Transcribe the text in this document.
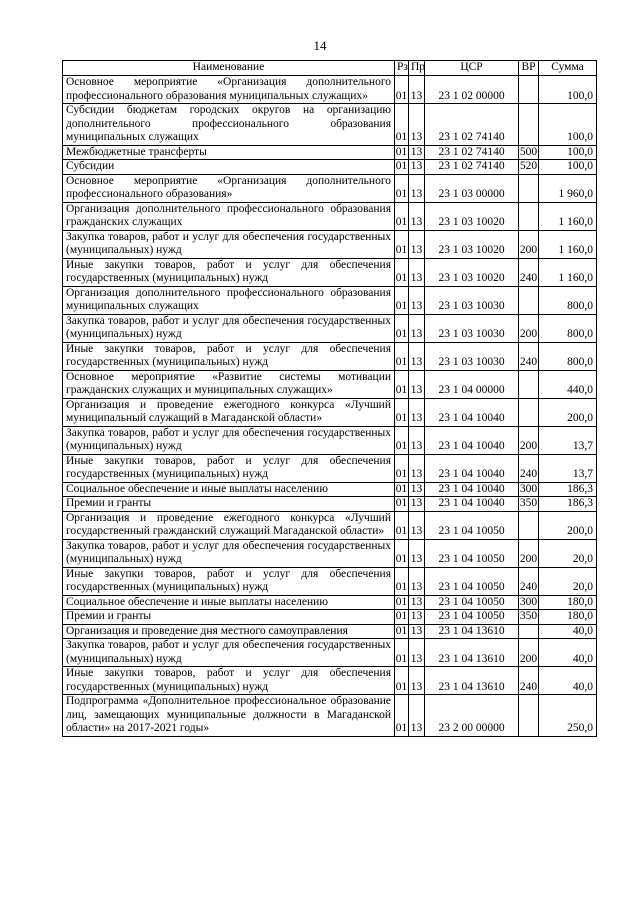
14
Наименование	Рз	Пр	ЦСР	ВР	Сумма
Основное мероприятие «Организация дополнительного профессионального образования муниципальных служащих»	01	13	23 1 02 00000		100,0
Субсидии бюджетам городских округов на организацию дополнительного профессионального образования муниципальных служащих	01	13	23 1 02 74140		100,0
Межбюджетные трансферты	01	13	23 1 02 74140	500	100,0
Субсидии	01	13	23 1 02 74140	520	100,0
Основное мероприятие «Организация дополнительного профессионального образования»	01	13	23 1 03 00000		1 960,0
Организация дополнительного профессионального образования гражданских служащих	01	13	23 1 03 10020		1 160,0
Закупка товаров, работ и услуг для обеспечения государственных (муниципальных) нужд	01	13	23 1 03 10020	200	1 160,0
Иные закупки товаров, работ и услуг для обеспечения государственных (муниципальных) нужд	01	13	23 1 03 10020	240	1 160,0
Организация дополнительного профессионального образования муниципальных служащих	01	13	23 1 03 10030		800,0
Закупка товаров, работ и услуг для обеспечения государственных (муниципальных) нужд	01	13	23 1 03 10030	200	800,0
Иные закупки товаров, работ и услуг для обеспечения государственных (муниципальных) нужд	01	13	23 1 03 10030	240	800,0
Основное мероприятие «Развитие системы мотивации гражданских служащих и муниципальных служащих»	01	13	23 1 04 00000		440,0
Организация и проведение ежегодного конкурса «Лучший муниципальный служащий в Магаданской области»	01	13	23 1 04 10040		200,0
Закупка товаров, работ и услуг для обеспечения государственных (муниципальных) нужд	01	13	23 1 04 10040	200	13,7
Иные закупки товаров, работ и услуг для обеспечения государственных (муниципальных) нужд	01	13	23 1 04 10040	240	13,7
Социальное обеспечение и иные выплаты населению	01	13	23 1 04 10040	300	186,3
Премии и гранты	01	13	23 1 04 10040	350	186,3
Организация и проведение ежегодного конкурса «Лучший государственный гражданский служащий Магаданской области»	01	13	23 1 04 10050		200,0
Закупка товаров, работ и услуг для обеспечения государственных (муниципальных) нужд	01	13	23 1 04 10050	200	20,0
Иные закупки товаров, работ и услуг для обеспечения государственных (муниципальных) нужд	01	13	23 1 04 10050	240	20,0
Социальное обеспечение и иные выплаты населению	01	13	23 1 04 10050	300	180,0
Премии и гранты	01	13	23 1 04 10050	350	180,0
Организация и проведение дня местного самоуправления	01	13	23 1 04 13610		40,0
Закупка товаров, работ и услуг для обеспечения государственных (муниципальных) нужд	01	13	23 1 04 13610	200	40,0
Иные закупки товаров, работ и услуг для обеспечения государственных (муниципальных) нужд	01	13	23 1 04 13610	240	40,0
Подпрограмма «Дополнительное профессиональное образование лиц, замещающих муниципальные должности в Магаданской области» на 2017-2021 годы»	01	13	23 2 00 00000		250,0
